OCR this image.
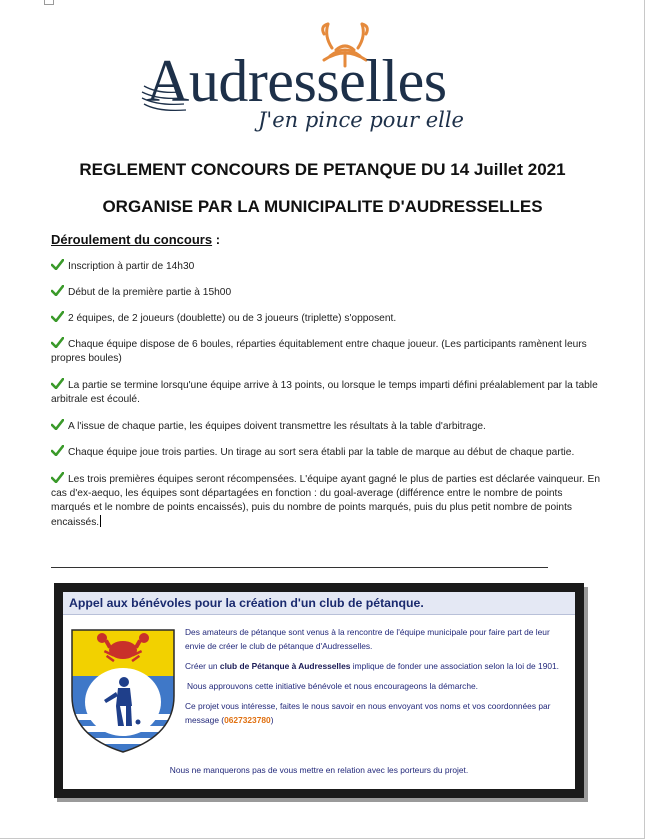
Audresselles
J'en pince pour elle
REGLEMENT CONCOURS DE PETANQUE DU 14 Juillet 2021
ORGANISE PAR LA MUNICIPALITE D'AUDRESSELLES
Déroulement du concours :

Inscription à partir de 14h30

Début de la première partie à 15h00

2 équipes, de 2 joueurs (doublette) ou de 3 joueurs (triplette) s'opposent.

Chaque équipe dispose de 6 boules, réparties équitablement entre chaque joueur. (Les participants ramènent leurs propres boules)

La partie se termine lorsqu'une équipe arrive à 13 points, ou lorsque le temps imparti défini préalablement par la table arbitrale est écoulé.

A l'issue de chaque partie, les équipes doivent transmettre les résultats à la table d'arbitrage.

Chaque équipe joue trois parties. Un tirage au sort sera établi par la table de marque au début de chaque partie.

Les trois premières équipes seront récompensées. L'équipe ayant gagné le plus de parties est déclarée vainqueur. En cas d'ex-aequo, les équipes sont départagées en fonction : du goal-average (différence entre le nombre de points marqués et le nombre de points encaissés), puis du nombre de points marqués, puis du plus petit nombre de points encaissés.

Appel aux bénévoles pour la création d'un club de pétanque.

Des amateurs de pétanque sont venus à la rencontre de l'équipe municipale pour faire part de leur envie de créer le club de pétanque d'Audresselles.

Créer un club de Pétanque à Audresselles implique de fonder une association selon la loi de 1901.

Nous approuvons cette initiative bénévole et nous encourageons la démarche.

Ce projet vous intéresse, faites le nous savoir en nous envoyant vos noms et vos coordonnées par message (0627323780)

Nous ne manquerons pas de vous mettre en relation avec les porteurs du projet.
